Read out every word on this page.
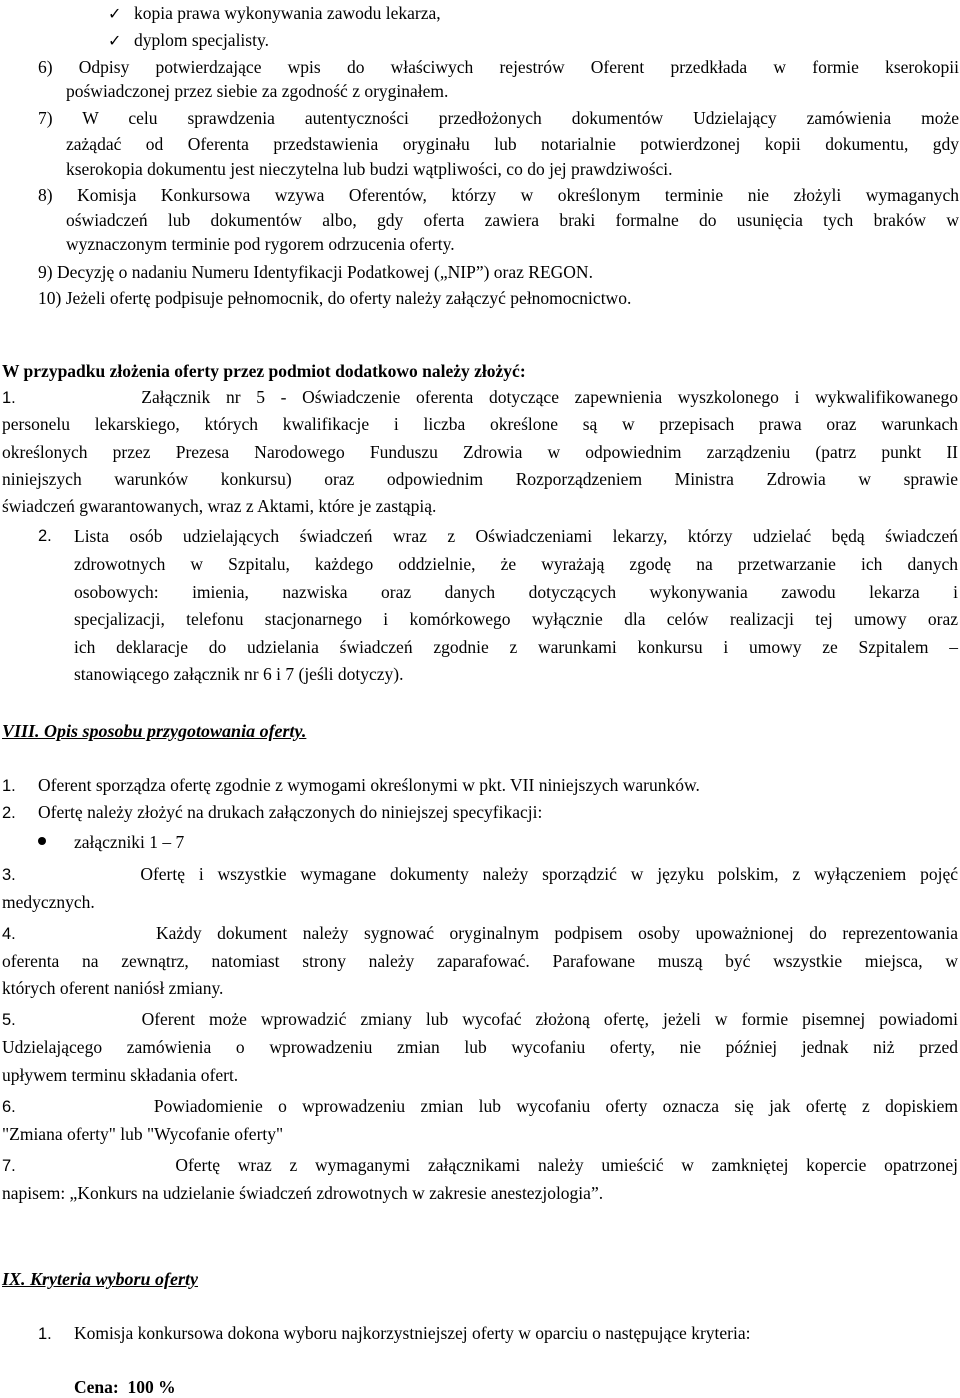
✓ kopia prawa wykonywania zawodu lekarza,
✓ dyplom specjalisty.
6) Odpisy potwierdzające wpis do właściwych rejestrów Oferent przedkłada w formie kserokopii
poświadczonej przez siebie za zgodność z oryginałem.
7) W celu sprawdzenia autentyczności przedłożonych dokumentów Udzielający zamówienia może
zażądać od Oferenta przedstawienia oryginału lub notarialnie potwierdzonej kopii dokumentu, gdy
kserokopia dokumentu jest nieczytelna lub budzi wątpliwości, co do jej prawdziwości.
8) Komisja Konkursowa wzywa Oferentów, którzy w określonym terminie nie złożyli wymaganych
oświadczeń lub dokumentów albo, gdy oferta zawiera braki formalne do usunięcia tych braków w
wyznaczonym terminie pod rygorem odrzucenia oferty.
9) Decyzję o nadaniu Numeru Identyfikacji Podatkowej („NIP”) oraz REGON.
10) Jeżeli ofertę podpisuje pełnomocnik, do oferty należy załączyć pełnomocnictwo.
W przypadku złożenia oferty przez podmiot dodatkowo należy złożyć:
1.	Załącznik nr 5 - Oświadczenie oferenta dotyczące zapewnienia wyszkolonego i wykwalifikowanego
personelu lekarskiego, których kwalifikacje i liczba określone są w przepisach prawa oraz warunkach
określonych przez Prezesa Narodowego Funduszu Zdrowia w odpowiednim zarządzeniu (patrz punkt II
niniejszych warunków konkursu) oraz odpowiednim Rozporządzeniem Ministra Zdrowia w sprawie
świadczeń gwarantowanych, wraz z Aktami, które je zastąpią.
2. Lista osób udzielających świadczeń wraz z Oświadczeniami lekarzy, którzy udzielać będą świadczeń
zdrowotnych w Szpitalu, każdego oddzielnie, że wyrażają zgodę na przetwarzanie ich danych
osobowych: imienia, nazwiska oraz danych dotyczących wykonywania zawodu lekarza i
specjalizacji, telefonu stacjonarnego i komórkowego wyłącznie dla celów realizacji tej umowy oraz
ich deklaracje do udzielania świadczeń zgodnie z warunkami konkursu i umowy ze Szpitalem –
stanowiącego załącznik nr 6 i 7 (jeśli dotyczy).
VIII. Opis sposobu przygotowania oferty.
1. Oferent sporządza ofertę zgodnie z wymogami określonymi w pkt. VII niniejszych warunków.
2. Ofertę należy złożyć na drukach załączonych do niniejszej specyfikacji:
załączniki 1 – 7
3.	Ofertę i wszystkie wymagane dokumenty należy sporządzić w języku polskim, z wyłączeniem pojęć
medycznych.
4.	Każdy dokument należy sygnować oryginalnym podpisem osoby upoważnionej do reprezentowania
oferenta na zewnątrz, natomiast strony należy zaparafować. Parafowane muszą być wszystkie miejsca, w
których oferent naniósł zmiany.
5.	Oferent może wprowadzić zmiany lub wycofać złożoną ofertę, jeżeli w formie pisemnej powiadomi
Udzielającego zamówienia o wprowadzeniu zmian lub wycofaniu oferty, nie później jednak niż przed
upływem terminu składania ofert.
6.	Powiadomienie o wprowadzeniu zmian lub wycofaniu oferty oznacza się jak ofertę z dopiskiem
"Zmiana oferty" lub "Wycofanie oferty"
7.	Ofertę wraz z wymaganymi załącznikami należy umieścić w zamkniętej kopercie opatrzonej
napisem: „Konkurs na udzielanie świadczeń zdrowotnych w zakresie anestezjologia”.
IX. Kryteria wyboru oferty
1. Komisja konkursowa dokona wyboru najkorzystniejszej oferty w oparciu o następujące kryteria:
Cena: 100 %
